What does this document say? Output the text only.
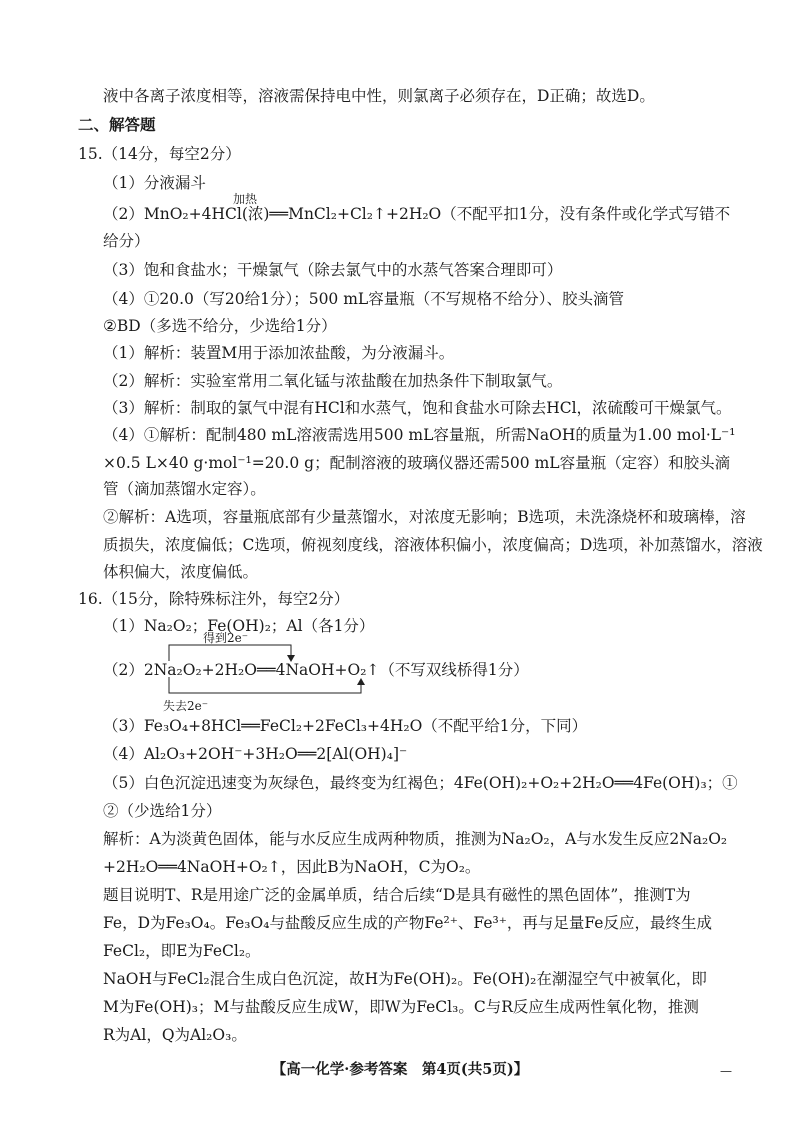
液中各离子浓度相等，溶液需保持电中性，则氯离子必须存在，D正确；故选D。
二、解答题
15.（14分，每空2分）
（1）分液漏斗
（2）MnO₂+4HCl(浓)══MnCl₂+Cl₂↑+2H₂O（不配平扣1分，没有条件或化学式写错不
加热
给分）
（3）饱和食盐水；干燥氯气（除去氯气中的水蒸气答案合理即可）
（4）①20.0（写20给1分）；500 mL容量瓶（不写规格不给分）、胶头滴管
②BD（多选不给分，少选给1分）
（1）解析：装置M用于添加浓盐酸，为分液漏斗。
（2）解析：实验室常用二氧化锰与浓盐酸在加热条件下制取氯气。
（3）解析：制取的氯气中混有HCl和水蒸气，饱和食盐水可除去HCl，浓硫酸可干燥氯气。
（4）①解析：配制480 mL溶液需选用500 mL容量瓶，所需NaOH的质量为1.00 mol·L⁻¹
×0.5 L×40 g·mol⁻¹=20.0 g；配制溶液的玻璃仪器还需500 mL容量瓶（定容）和胶头滴
管（滴加蒸馏水定容）。
②解析：A选项，容量瓶底部有少量蒸馏水，对浓度无影响；B选项，未洗涤烧杯和玻璃棒，溶
质损失，浓度偏低；C选项，俯视刻度线，溶液体积偏小，浓度偏高；D选项，补加蒸馏水，溶液
体积偏大，浓度偏低。
16.（15分，除特殊标注外，每空2分）
（1）Na₂O₂；Fe(OH)₂；Al（各1分）
得到2e⁻
失去2e⁻
（2）2Na₂O₂+2H₂O══4NaOH+O₂↑（不写双线桥得1分）
（3）Fe₃O₄+8HCl══FeCl₂+2FeCl₃+4H₂O（不配平给1分，下同）
（4）Al₂O₃+2OH⁻+3H₂O══2[Al(OH)₄]⁻
（5）白色沉淀迅速变为灰绿色，最终变为红褐色；4Fe(OH)₂+O₂+2H₂O══4Fe(OH)₃；①
②（少选给1分）
解析：A为淡黄色固体，能与水反应生成两种物质，推测为Na₂O₂，A与水发生反应2Na₂O₂
+2H₂O══4NaOH+O₂↑，因此B为NaOH，C为O₂。
题目说明T、R是用途广泛的金属单质，结合后续“D是具有磁性的黑色固体”，推测T为
Fe，D为Fe₃O₄。Fe₃O₄与盐酸反应生成的产物Fe²⁺、Fe³⁺，再与足量Fe反应，最终生成
FeCl₂，即E为FeCl₂。
NaOH与FeCl₂混合生成白色沉淀，故H为Fe(OH)₂。Fe(OH)₂在潮湿空气中被氧化，即
M为Fe(OH)₃；M与盐酸反应生成W，即W为FeCl₃。C与R反应生成两性氧化物，推测
R为Al，Q为Al₂O₃。
【高一化学·参考答案　第4页(共5页)】	—
